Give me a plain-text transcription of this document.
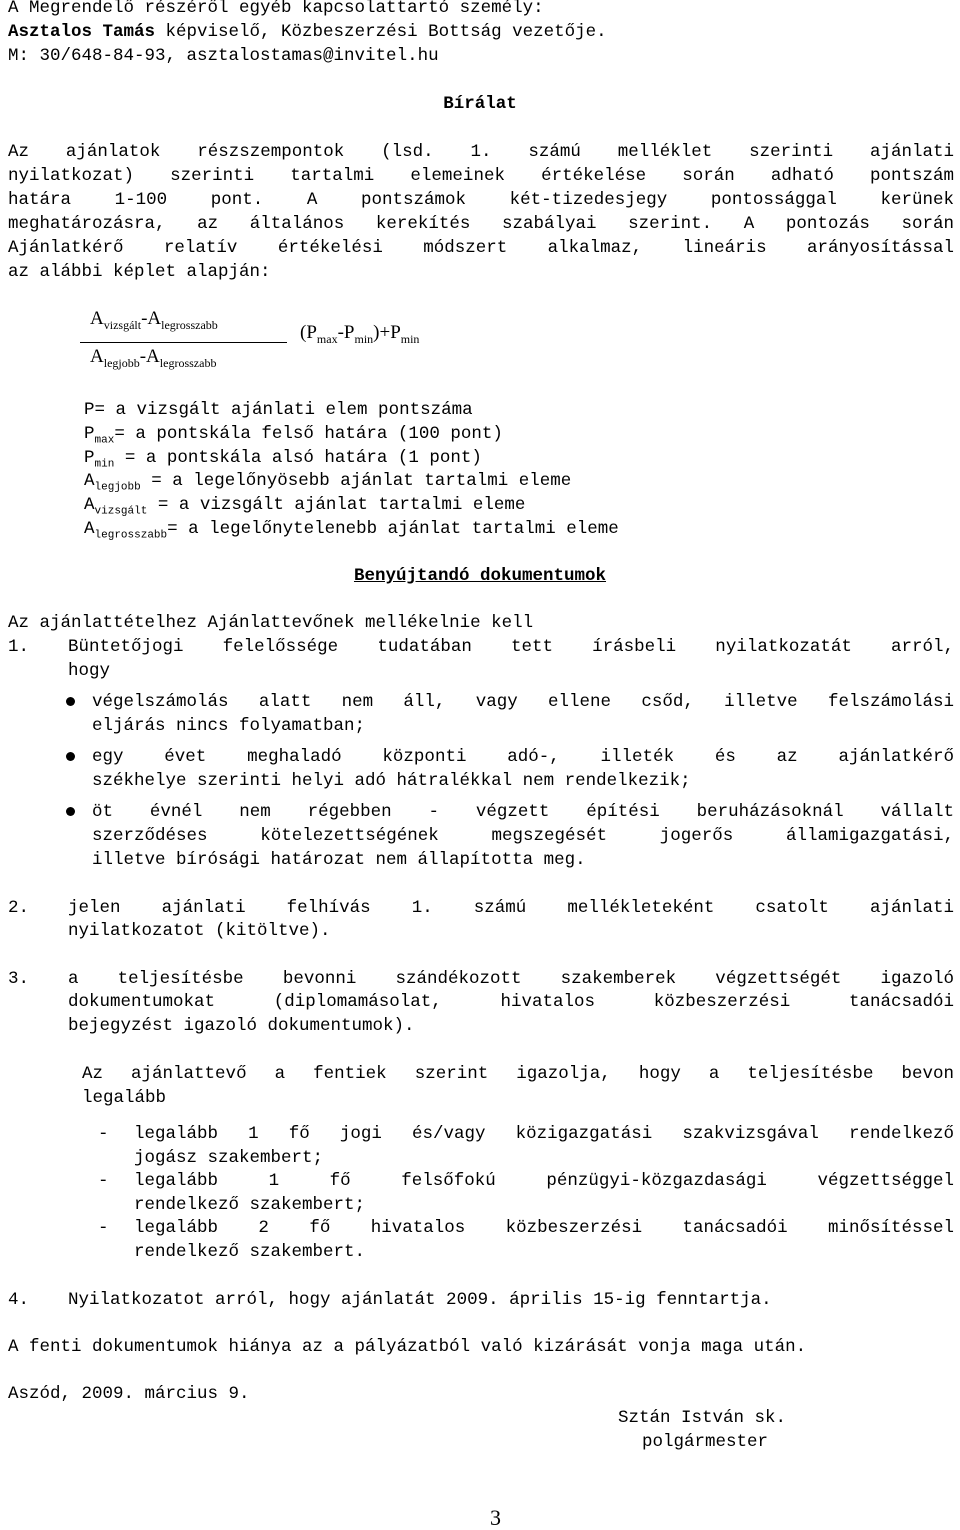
A Megrendelő részéről egyéb kapcsolattartó személy:
Asztalos Tamás képviselő, Közbeszerzési Bottság vezetője.
M: 30/648-84-93, asztalostamas@invitel.hu
Bírálat
Az ajánlatok részszempontok (lsd. 1. számú melléklet szerinti ajánlati
nyilatkozat) szerinti tartalmi elemeinek értékelése során adható pontszám
határa 1-100 pont. A pontszámok két-tizedesjegy pontossággal kerünek
meghatározásra, az általános kerekítés szabályai szerint. A pontozás során
Ajánlatkérő relatív értékelési módszert alkalmaz, lineáris arányosítással
az alábbi képlet alapján:
$A_{vizsgált}-A_{legrosszabb}$
$A_{legjobb}-A_{legrosszabb}$
$(P_{max}-P_{min})+P_{min}$
P= a vizsgált ajánlati elem pontszáma
$P_{max}= a$ pontskála felső határa (100 pont)
$P_{min} = a$ pontskála alsó határa (1 pont)
$A_{legjobb} = a$ legelőnyösebb ajánlat tartalmi eleme
$A_{vizsgált} = a$ vizsgált ajánlat tartalmi eleme
$A_{legrosszabb}= a$ legelőnytelenebb ajánlat tartalmi eleme
Benyújtandó dokumentumok
Az ajánlattételhez Ajánlattevőnek mellékelnie kell
1. Büntetőjogi felelőssége tudatában tett írásbeli nyilatkozatát arról,
hogy
végelszámolás alatt nem áll, vagy ellene csőd, illetve felszámolási
eljárás nincs folyamatban;
egy évet meghaladó központi adó-, illeték és az ajánlatkérő
székhelye szerinti helyi adó hátralékkal nem rendelkezik;
öt évnél nem régebben - végzett építési beruházásoknál vállalt
szerződéses kötelezettségének megszegését jogerős államigazgatási,
illetve bírósági határozat nem állapította meg.
2. jelen ajánlati felhívás 1. számú mellékleteként csatolt ajánlati
nyilatkozatot (kitöltve).
3. a teljesítésbe bevonni szándékozott szakemberek végzettségét igazoló
dokumentumokat (diplomamásolat, hivatalos közbeszerzési tanácsadói
bejegyzést igazoló dokumentumok).
Az ajánlattevő a fentiek szerint igazolja, hogy a teljesítésbe bevon
legalább
- legalább 1 fő jogi és/vagy közigazgatási szakvizsgával rendelkező
jogász szakembert;
- legalább 1 fő felsőfokú pénzügyi-közgazdasági végzettséggel
rendelkező szakembert;
- legalább 2 fő hivatalos közbeszerzési tanácsadói minősítéssel
rendelkező szakembert.
4. Nyilatkozatot arról, hogy ajánlatát 2009. április 15-ig fenntartja.
A fenti dokumentumok hiánya az a pályázatból való kizárását vonja maga után.
Aszód, 2009. március 9.
Sztán István sk.
polgármester
3
